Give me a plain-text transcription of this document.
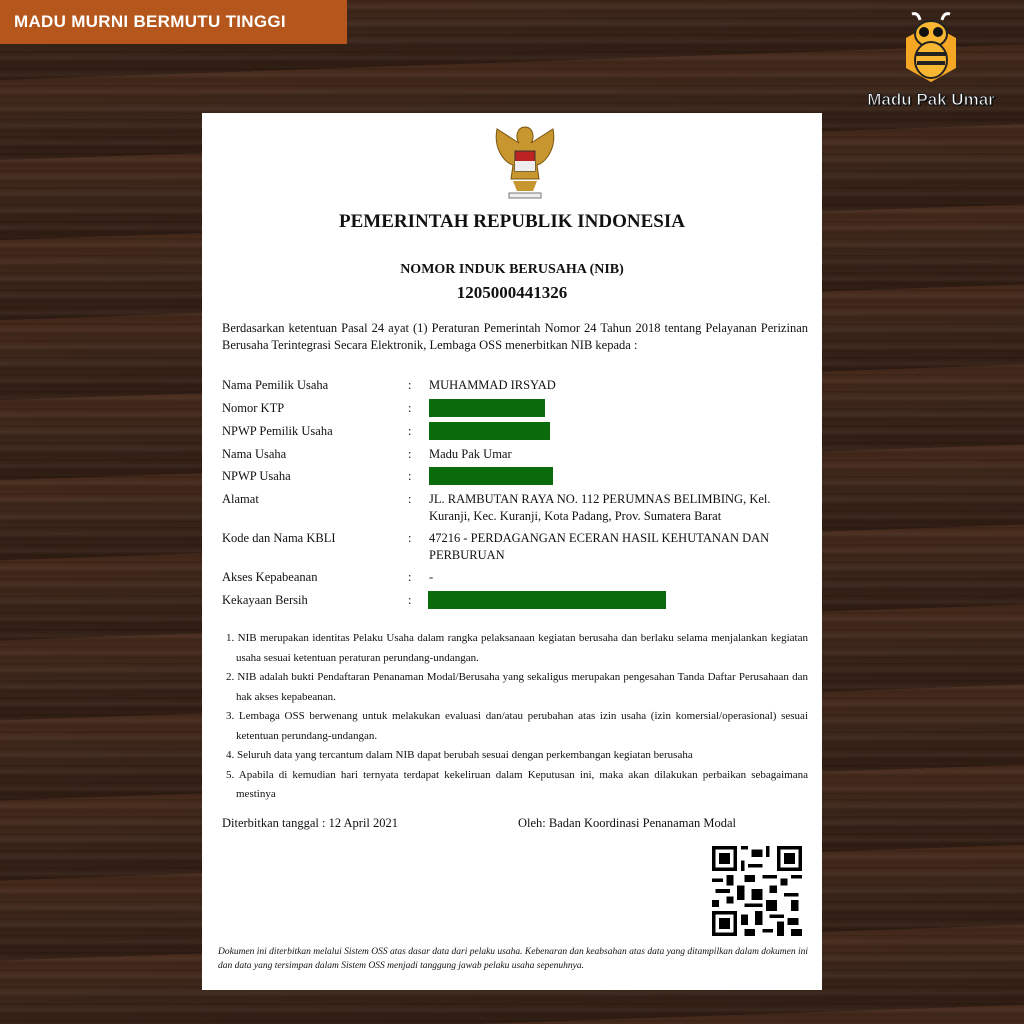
MADU MURNI BERMUTU TINGGI
Madu Pak Umar
PEMERINTAH REPUBLIK INDONESIA
NOMOR INDUK BERUSAHA (NIB)
1205000441326
Berdasarkan ketentuan Pasal 24 ayat (1) Peraturan Pemerintah Nomor 24 Tahun 2018 tentang Pelayanan Perizinan Berusaha Terintegrasi Secara Elektronik, Lembaga OSS menerbitkan NIB kepada :
Nama Pemilik Usaha	: MUHAMMAD IRSYAD
Nomor KTP	:
NPWP Pemilik Usaha	:
Nama Usaha	: Madu Pak Umar
NPWP Usaha	:
Alamat	: JL. RAMBUTAN RAYA NO. 112 PERUMNAS BELIMBING, Kel. Kuranji, Kec. Kuranji, Kota Padang, Prov. Sumatera Barat
Kode dan Nama KBLI	: 47216 - PERDAGANGAN ECERAN HASIL KEHUTANAN DAN PERBURUAN
Akses Kepabeanan	: -
Kekayaan Bersih	:
1. NIB merupakan identitas Pelaku Usaha dalam rangka pelaksanaan kegiatan berusaha dan berlaku selama menjalankan kegiatan usaha sesuai ketentuan peraturan perundang-undangan.
2. NIB adalah bukti Pendaftaran Penanaman Modal/Berusaha yang sekaligus merupakan pengesahan Tanda Daftar Perusahaan dan hak akses kepabeanan.
3. Lembaga OSS berwenang untuk melakukan evaluasi dan/atau perubahan atas izin usaha (izin komersial/operasional) sesuai ketentuan perundang-undangan.
4. Seluruh data yang tercantum dalam NIB dapat berubah sesuai dengan perkembangan kegiatan berusaha
5. Apabila di kemudian hari ternyata terdapat kekeliruan dalam Keputusan ini, maka akan dilakukan perbaikan sebagaimana mestinya
Diterbitkan tanggal : 12 April 2021	Oleh: Badan Koordinasi Penanaman Modal
Dokumen ini diterbitkan melalui Sistem OSS atas dasar data dari pelaku usaha. Kebenaran dan keabsahan atas data yang ditampilkan dalam dokumen ini dan data yang tersimpan dalam Sistem OSS menjadi tanggung jawab pelaku usaha sepenuhnya.
